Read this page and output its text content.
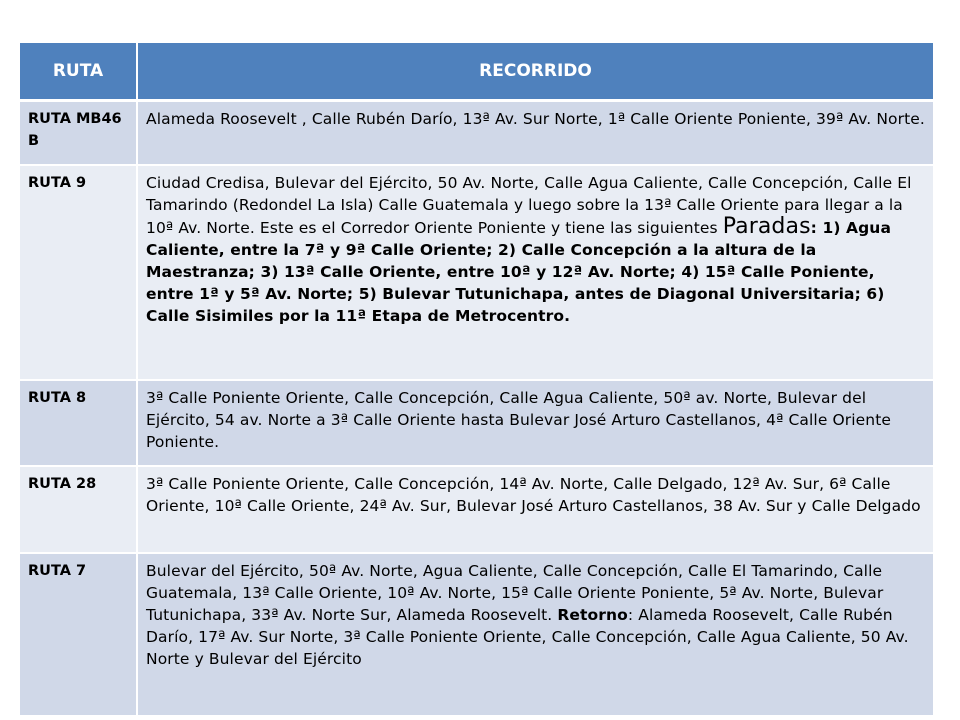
RUTA	RECORRIDO
RUTA MB46 B	Alameda Roosevelt , Calle Rubén Darío, 13ª Av. Sur Norte, 1ª Calle Oriente Poniente, 39ª Av. Norte.
RUTA 9	Ciudad Credisa, Bulevar del Ejército, 50 Av. Norte, Calle Agua Caliente, Calle Concepción, Calle El Tamarindo (Redondel La Isla) Calle Guatemala y luego sobre la 13ª Calle Oriente para llegar a la 10ª Av. Norte. Este es el Corredor Oriente Poniente y tiene las siguientes Paradas: 1) Agua Caliente, entre la 7ª y 9ª Calle Oriente; 2) Calle Concepción a la altura de la Maestranza; 3) 13ª Calle Oriente, entre 10ª y 12ª Av. Norte; 4) 15ª Calle Poniente, entre 1ª y 5ª Av. Norte; 5) Bulevar Tutunichapa, antes de Diagonal Universitaria; 6) Calle Sisimiles por la 11ª Etapa de Metrocentro.
RUTA 8	3ª Calle Poniente Oriente, Calle Concepción, Calle Agua Caliente, 50ª av. Norte, Bulevar del Ejército, 54 av. Norte a 3ª Calle Oriente hasta Bulevar José Arturo Castellanos, 4ª Calle Oriente Poniente.
RUTA 28	3ª Calle Poniente Oriente, Calle Concepción, 14ª Av. Norte, Calle Delgado, 12ª Av. Sur, 6ª Calle Oriente, 10ª Calle Oriente, 24ª Av. Sur, Bulevar José Arturo Castellanos, 38 Av. Sur y Calle Delgado
RUTA 7	Bulevar del Ejército, 50ª Av. Norte, Agua Caliente, Calle Concepción, Calle El Tamarindo, Calle Guatemala, 13ª Calle Oriente, 10ª Av. Norte, 15ª Calle Oriente Poniente, 5ª Av. Norte, Bulevar Tutunichapa, 33ª Av. Norte Sur, Alameda Roosevelt. Retorno: Alameda Roosevelt, Calle Rubén Darío, 17ª Av. Sur Norte, 3ª Calle Poniente Oriente, Calle Concepción, Calle Agua Caliente, 50 Av. Norte y Bulevar del Ejército
